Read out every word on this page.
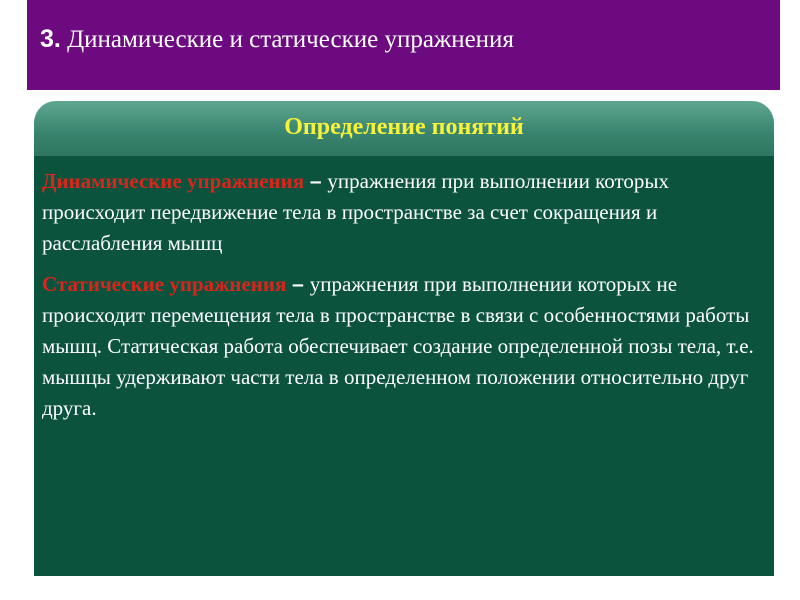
3. Динамические и статические упражнения
Определение понятий

Динамические упражнения – упражнения при выполнении которых происходит передвижение тела в пространстве за счет сокращения и расслабления мышц

Статические упражнения – упражнения при выполнении которых не происходит перемещения тела в пространстве в связи с особенностями работы мышц. Статическая работа обеспечивает создание определенной позы тела, т.е. мышцы удерживают части тела в определенном положении относительно друг друга.
